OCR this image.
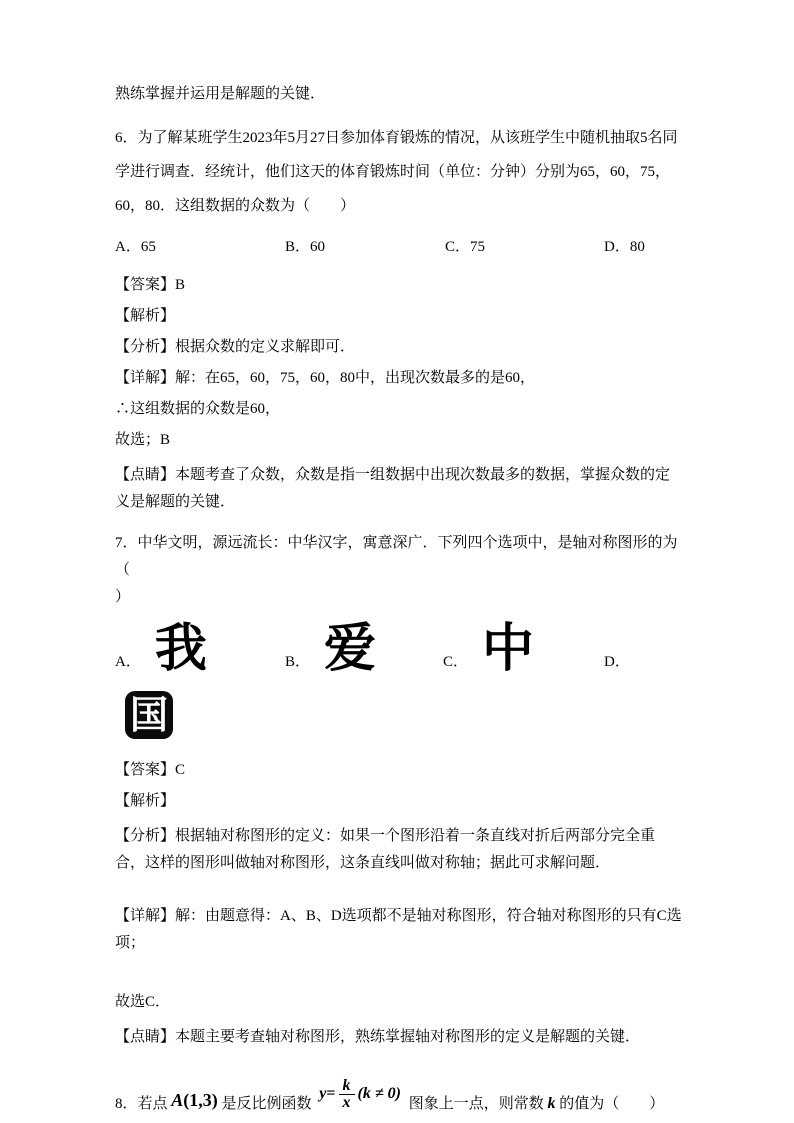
熟练掌握并运用是解题的关键．

6．为了解某班学生2023年5月27日参加体育锻炼的情况，从该班学生中随机抽取5名同学进行调查．经统计，他们这天的体育锻炼时间（单位：分钟）分别为65，60，75，60，80．这组数据的众数为（　　）

A．65	B．60	C．75	D．80

【答案】B

【解析】

【分析】根据众数的定义求解即可．

【详解】解：在65，60，75，60，80中，出现次数最多的是60，

∴这组数据的众数是60，

故选；B

【点睛】本题考查了众数，众数是指一组数据中出现次数最多的数据，掌握众数的定义是解题的关键．

7．中华文明，源远流长：中华汉字，寓意深广．下列四个选项中，是轴对称图形的为（

）

A． 我	B． 爱	C． 中	D．
国

【答案】C

【解析】

【分析】根据轴对称图形的定义：如果一个图形沿着一条直线对折后两部分完全重合，这样的图形叫做轴对称图形，这条直线叫做对称轴；据此可求解问题．

【详解】解：由题意得：A、B、D选项都不是轴对称图形，符合轴对称图形的只有C选项；

故选C．

【点睛】本题主要考查轴对称图形，熟练掌握轴对称图形的定义是解题的关键．

8．若点 A(1,3) 是反比例函数
$y = \frac{k}{x} (k \ne 0)$
图象上一点，则常数 k 的值为（　　）
